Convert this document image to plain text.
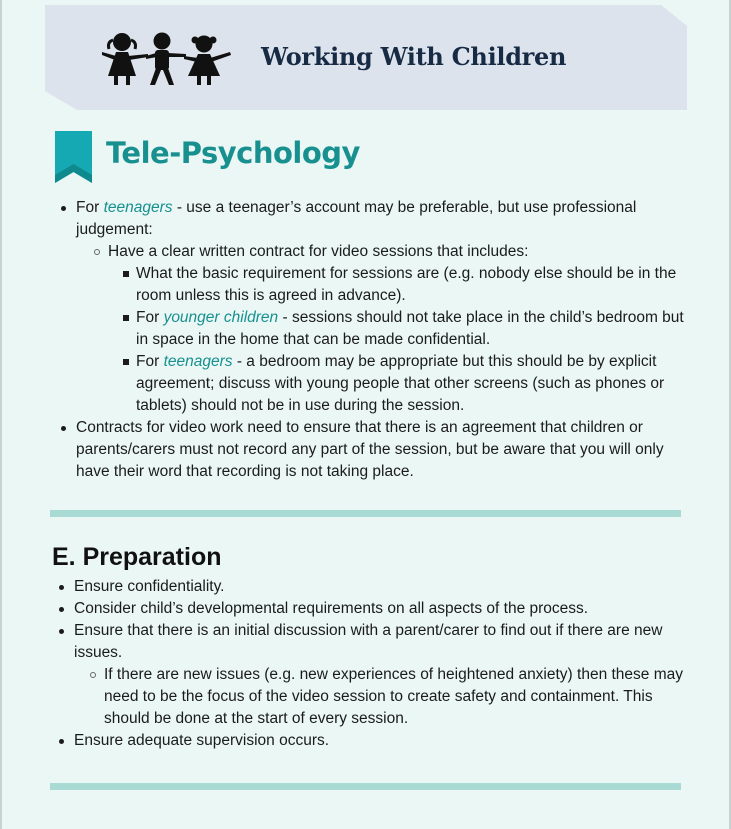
Working With Children
Tele-Psychology
For teenagers - use a teenager’s account may be preferable, but use professional judgement:
Have a clear written contract for video sessions that includes:
What the basic requirement for sessions are (e.g. nobody else should be in the room unless this is agreed in advance).
For younger children - sessions should not take place in the child’s bedroom but in space in the home that can be made confidential.
For teenagers - a bedroom may be appropriate but this should be by explicit agreement; discuss with young people that other screens (such as phones or tablets) should not be in use during the session.
Contracts for video work need to ensure that there is an agreement that children or parents/carers must not record any part of the session, but be aware that you will only have their word that recording is not taking place.
E. Preparation
Ensure confidentiality.
Consider child’s developmental requirements on all aspects of the process.
Ensure that there is an initial discussion with a parent/carer to find out if there are new issues.
If there are new issues (e.g. new experiences of heightened anxiety) then these may need to be the focus of the video session to create safety and containment. This should be done at the start of every session.
Ensure adequate supervision occurs.
